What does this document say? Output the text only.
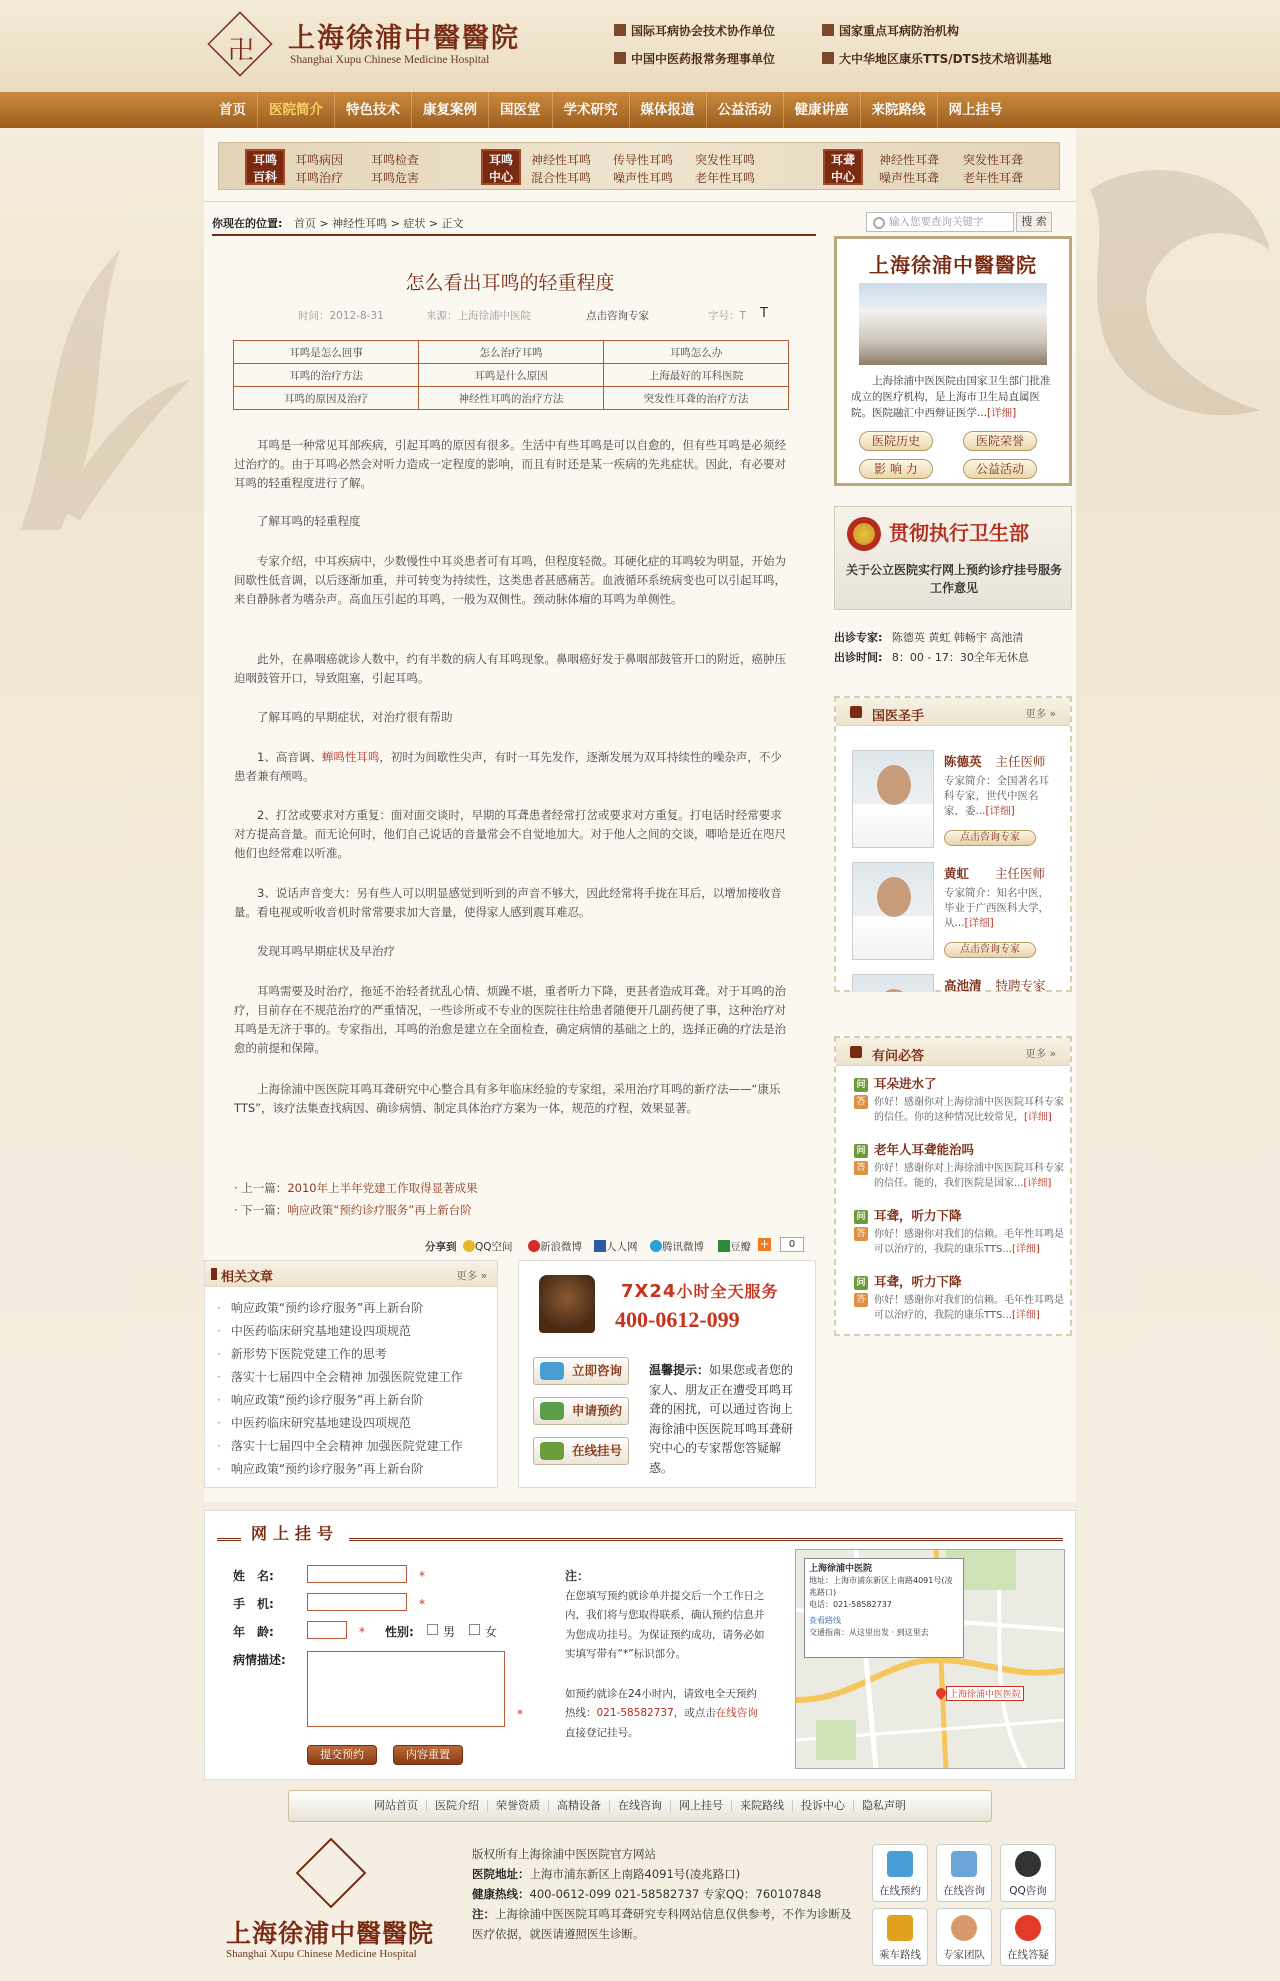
卍 上海徐浦中醫醫院
Shanghai Xupu Chinese Medicine Hospital
国际耳病协会技术协作单位	国家重点耳病防治机构
中国中医药报常务理事单位	大中华地区康乐TTS/DTS技术培训基地
首页	医院简介	特色技术	康复案例	国医堂	学术研究	媒体报道	公益活动	健康讲座	来院路线	网上挂号
耳鸣
百科
耳鸣病因 耳鸣检查
耳鸣治疗 耳鸣危害
耳鸣
中心
神经性耳鸣 传导性耳鸣 突发性耳鸣
混合性耳鸣 噪声性耳鸣 老年性耳鸣
耳聋
中心
神经性耳聋 突发性耳聋
噪声性耳聋 老年性耳聋
你现在的位置: 首页 > 神经性耳鸣 > 症状 > 正文
怎么看出耳鸣的轻重程度
时间：2012-8-31	来源：上海徐浦中医院	点击咨询专家	字号：T T
耳鸣是怎么回事	怎么治疗耳鸣	耳鸣怎么办
耳鸣的治疗方法	耳鸣是什么原因	上海最好的耳科医院
耳鸣的原因及治疗	神经性耳鸣的治疗方法	突发性耳聋的治疗方法
耳鸣是一种常见耳部疾病，引起耳鸣的原因有很多。生活中有些耳鸣是可以自愈的，但有些耳鸣是必须经过治疗的。由于耳鸣必然会对听力造成一定程度的影响，而且有时还是某一疾病的先兆症状。因此，有必要对耳鸣的轻重程度进行了解。
了解耳鸣的轻重程度
专家介绍，中耳疾病中，少数慢性中耳炎患者可有耳鸣，但程度轻微。耳硬化症的耳鸣较为明显，开始为间歇性低音调，以后逐渐加重，并可转变为持续性，这类患者甚感痛苦。血液循环系统病变也可以引起耳鸣，来自静脉者为嗜杂声。高血压引起的耳鸣，一般为双侧性。颈动脉体瘤的耳鸣为单侧性。
此外，在鼻咽癌就诊人数中，约有半数的病人有耳鸣现象。鼻咽癌好发于鼻咽部鼓管开口的附近，癌肿压迫咽鼓管开口，导致阻塞，引起耳鸣。
了解耳鸣的早期症状，对治疗很有帮助
1、高音调、蝉鸣性耳鸣，初时为间歇性尖声，有时一耳先发作，逐渐发展为双耳持续性的噪杂声，不少患者兼有颅鸣。
2、打岔或要求对方重复：面对面交谈时，早期的耳聋患者经常打岔或要求对方重复。打电话时经常要求对方提高音量。而无论何时，他们自己说话的音量常会不自觉地加大。对于他人之间的交谈，唧哈是近在咫尺他们也经常难以听准。
3、说话声音变大：另有些人可以明显感觉到听到的声音不够大，因此经常将手拢在耳后，以增加接收音量。看电视或听收音机时常常要求加大音量，使得家人感到震耳难忍。
发现耳鸣早期症状及早治疗
耳鸣需要及时治疗，拖延不治轻者扰乱心情、烦躁不堪，重者听力下降，更甚者造成耳聋。对于耳鸣的治疗，目前存在不规范治疗的严重情况，一些诊所或不专业的医院往往给患者随便开几副药便了事，这种治疗对耳鸣是无济于事的。专家指出，耳鸣的治愈是建立在全面检查，确定病情的基础之上的，选择正确的疗法是治愈的前提和保障。
上海徐浦中医医院耳鸣耳聋研究中心整合具有多年临床经验的专家组，采用治疗耳鸣的新疗法——“康乐TTS”，该疗法集查找病因、确诊病情、制定具体治疗方案为一体，规范的疗程，效果显著。
· 上一篇：2010年上半年党建工作取得显著成果
· 下一篇：响应政策“预约诊疗服务”再上新台阶
分享到	QQ空间	新浪微博	人人网	腾讯微博	豆瓣 +	0
相关文章	更多 »
· 响应政策“预约诊疗服务”再上新台阶
· 中医药临床研究基地建设四项规范
· 新形势下医院党建工作的思考
· 落实十七届四中全会精神 加强医院党建工作
· 响应政策“预约诊疗服务”再上新台阶
· 中医药临床研究基地建设四项规范
· 落实十七届四中全会精神 加强医院党建工作
· 响应政策“预约诊疗服务”再上新台阶
7X24小时全天服务
400-0612-099
立即咨询
申请预约
在线挂号
温馨提示：如果您或者您的家人、朋友正在遭受耳鸣耳聋的困扰，可以通过咨询上海徐浦中医医院耳鸣耳聋研究中心的专家帮您答疑解惑。
输入您要查询关键字	搜 索
上海徐浦中醫醫院
上海徐浦中医医院由国家卫生部门批准成立的医疗机构，是上海市卫生局直属医院。医院融汇中西辩证医学...[详细]
医院历史	医院荣誉
影 响 力	公益活动
贯彻执行卫生部
关于公立医院实行网上预约诊疗挂号服务工作意见
出诊专家: 陈德英 黄虹 韩畅宇 高池清
出诊时间: 8：00 - 17：30全年无休息
国医圣手	更多 »
陈德英 主任医师
专家简介：全国著名耳科专家，世代中医名家，委...[详细]
点击咨询专家
黄虹 主任医师
专家简介：知名中医，毕业于广西医科大学，从...[详细]
点击咨询专家
高池清 特聘专家
有问必答	更多 »
问 耳朵进水了
答 你好！感谢你对上海徐浦中医医院耳科专家的信任。你的这种情况比较常见，[详细]
问 老年人耳聋能治吗
答 你好！感谢你对上海徐浦中医医院耳科专家的信任。能的，我们医院是国家...[详细]
问 耳聋，听力下降
答 你好！感谢你对我们的信赖。毛年性耳鸣是可以治疗的，我院的康乐TTS...[详细]
问 耳聋，听力下降
答 你好！感谢你对我们的信赖。毛年性耳鸣是可以治疗的，我院的康乐TTS...[详细]
网上挂号
姓　名:	*
手　机:	*
年　龄:	* 性别: 男 女
病情描述:
*
提交预约	内容重置
注：
在您填写预约就诊单并提交后一个工作日之内，我们将与您取得联系，确认预约信息并为您成功挂号。为保证预约成功，请务必如实填写带有“*”标识部分。
如预约就诊在24小时内，请致电全天预约热线：021-58582737，或点击在线咨询直接登记挂号。
上海徐浦中医院
地址：上海市浦东新区上南路4091号(凌兆路口)
电话：021-58582737
查看路线
交通指南：从这里出发 · 到这里去
上海徐浦中医医院
网站首页	医院介绍	荣誉资质	高精设备	在线咨询	网上挂号	来院路线	投诉中心	隐私声明
上海徐浦中醫醫院
Shanghai Xupu Chinese Medicine Hospital
版权所有上海徐浦中医医院官方网站
医院地址：上海市浦东新区上南路4091号(凌兆路口)
健康热线：400-0612-099 021-58582737 专家QQ：760107848
注：上海徐浦中医医院耳鸣耳聋研究专科网站信息仅供参考，不作为诊断及医疗依据，就医请遵照医生诊断。
在线预约	在线咨询	QQ咨询
乘车路线	专家团队	在线答疑
